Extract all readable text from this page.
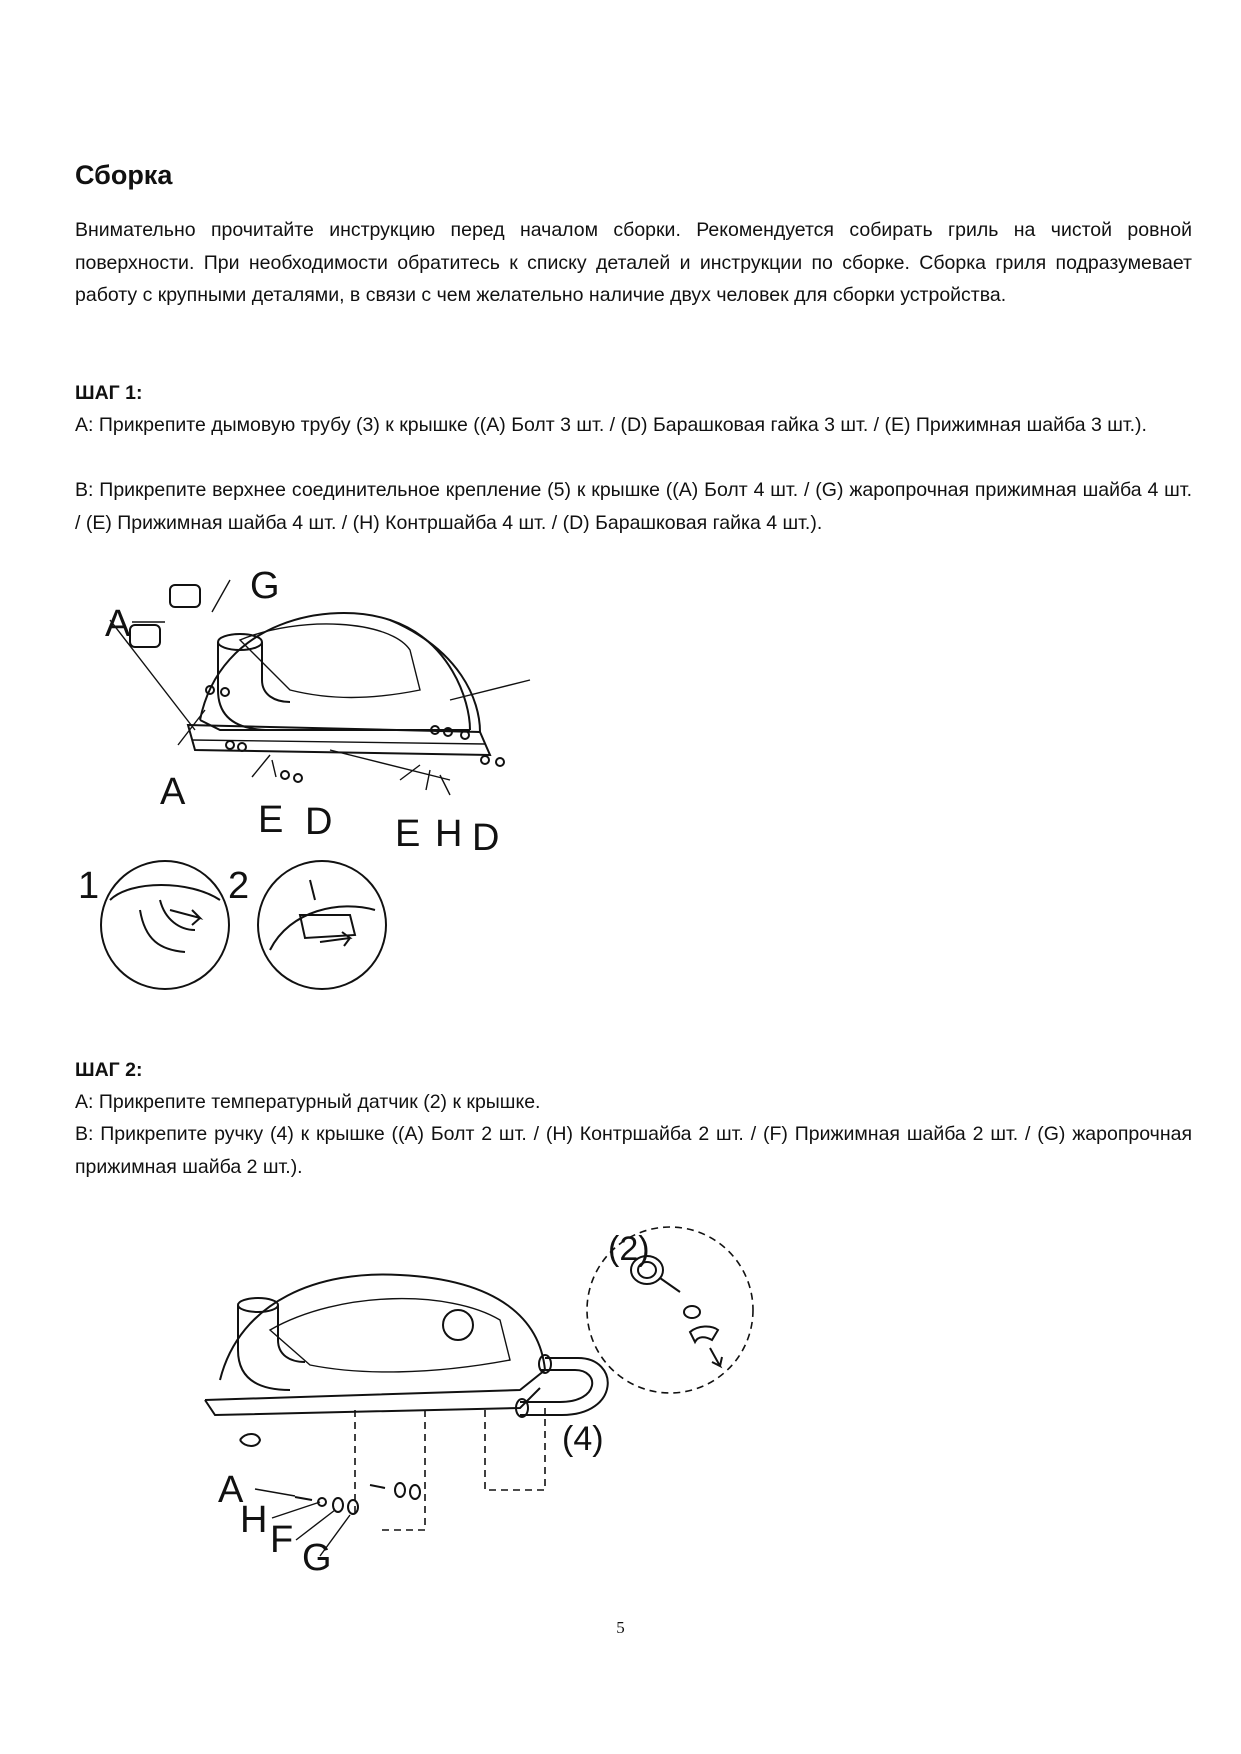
Сборка

Внимательно прочитайте инструкцию перед началом сборки. Рекомендуется собирать гриль на чистой ровной поверхности. При необходимости обратитесь к списку деталей и инструкции по сборке. Сборка гриля подразумевает работу с крупными деталями, в связи с чем желательно наличие двух человек для сборки устройства.

ШАГ 1:

А: Прикрепите дымовую трубу (3) к крышке ((A) Болт 3 шт. / (D) Барашковая гайка 3 шт. / (E) Прижимная шайба 3 шт.).

В: Прикрепите верхнее соединительное крепление (5) к крышке ((A) Болт 4 шт. / (G) жаропрочная прижимная шайба 4 шт. / (E) Прижимная шайба 4 шт. / (H) Контршайба 4 шт. / (D) Барашковая гайка 4 шт.).

A
G
A
E D E H D
1	2

ШАГ 2:

А: Прикрепите температурный датчик (2) к крышке.

В: Прикрепите ручку (4) к крышке ((A) Болт 2 шт. / (H) Контршайба 2 шт. / (F) Прижимная шайба 2 шт. / (G) жаропрочная прижимная шайба 2 шт.).

(2)
(4)
A
H F G
5
